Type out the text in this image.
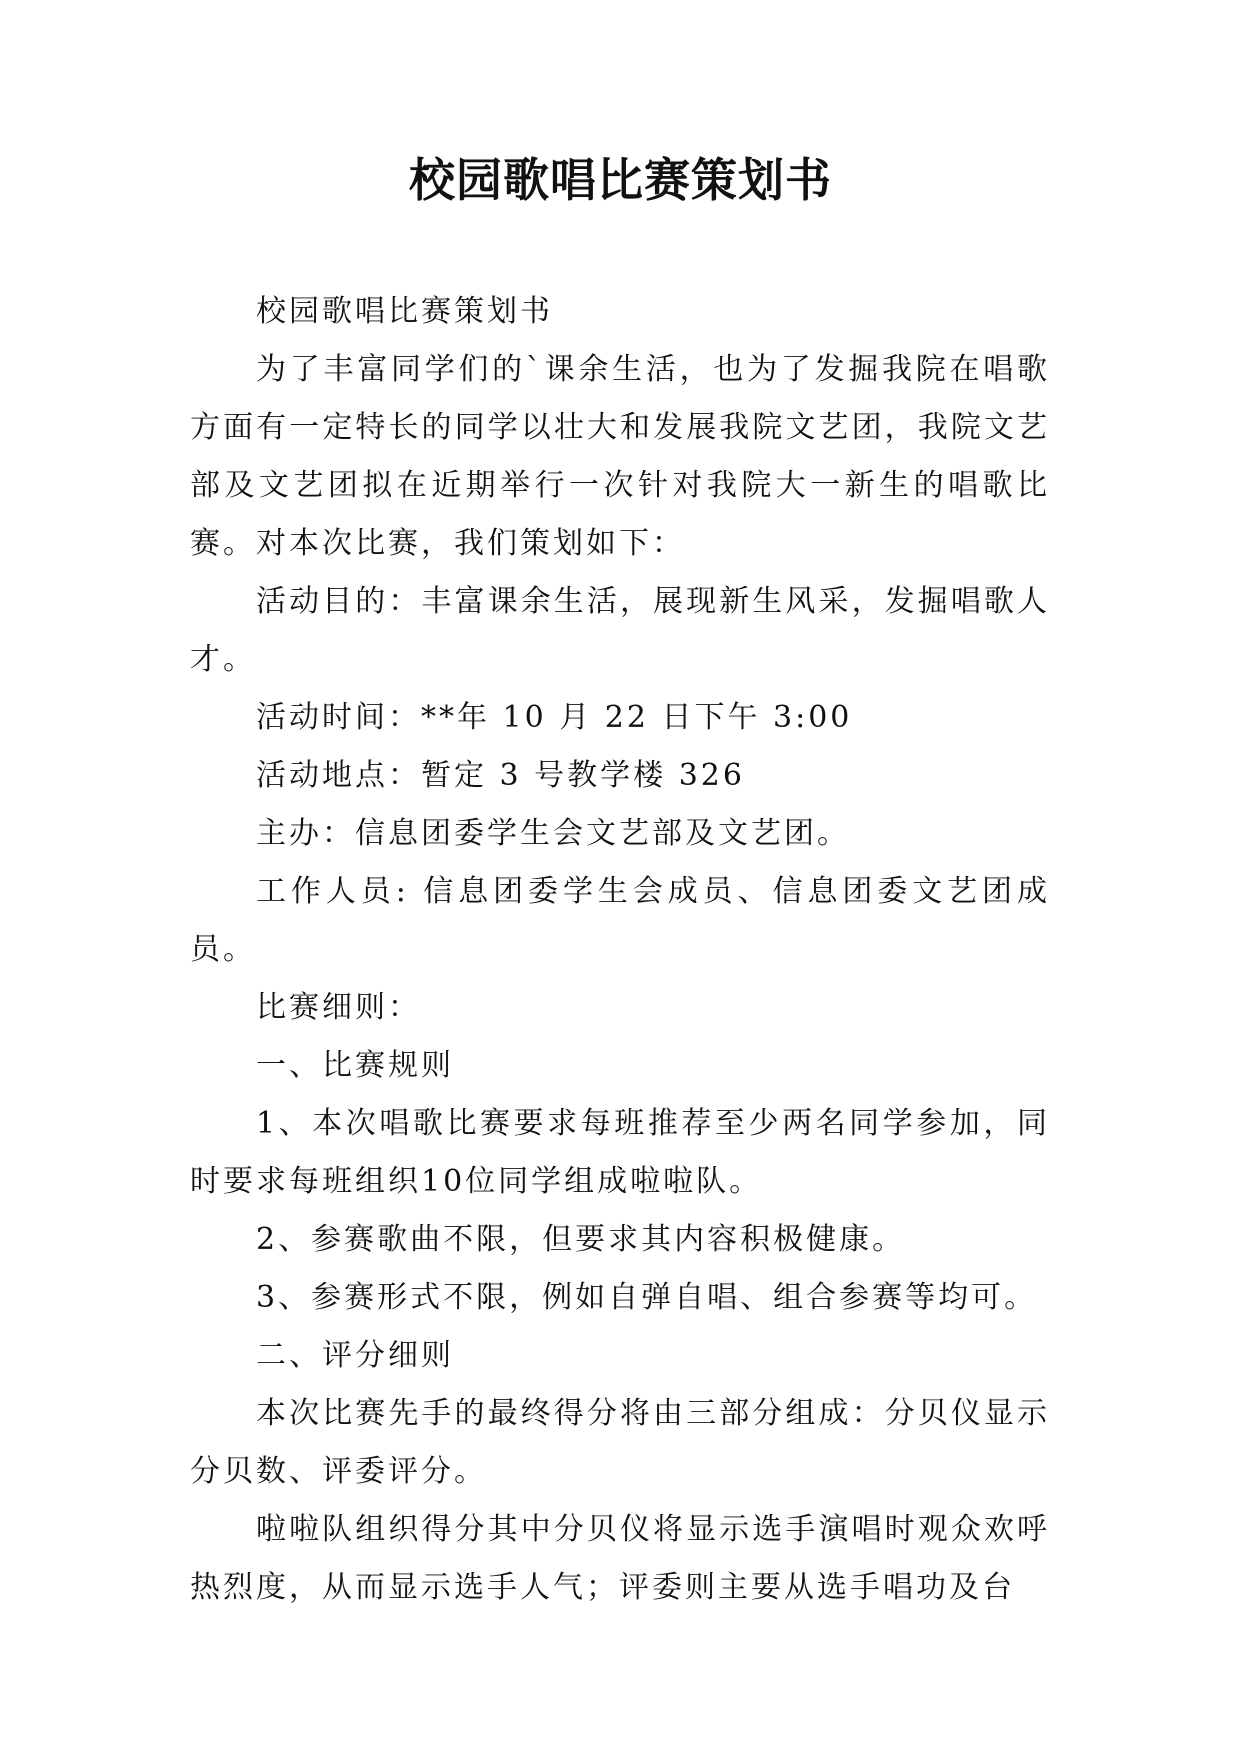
校园歌唱比赛策划书

校园歌唱比赛策划书

为了丰富同学们的`课余生活，也为了发掘我院在唱歌方面有一定特长的同学以壮大和发展我院文艺团，我院文艺部及文艺团拟在近期举行一次针对我院大一新生的唱歌比赛。对本次比赛，我们策划如下：

活动目的：丰富课余生活，展现新生风采，发掘唱歌人才。

活动时间：**年 10 月 22 日下午 3:00

活动地点：暂定 3 号教学楼 326

主办：信息团委学生会文艺部及文艺团。

工作人员: 信息团委学生会成员、信息团委文艺团成员。

比赛细则：

一、比赛规则

1、本次唱歌比赛要求每班推荐至少两名同学参加，同时要求每班组织10位同学组成啦啦队。

2、参赛歌曲不限，但要求其内容积极健康。

3、参赛形式不限，例如自弹自唱、组合参赛等均可。

二、评分细则

本次比赛先手的最终得分将由三部分组成：分贝仪显示分贝数、评委评分。

啦啦队组织得分其中分贝仪将显示选手演唱时观众欢呼热烈度，从而显示选手人气；评委则主要从选手唱功及台
